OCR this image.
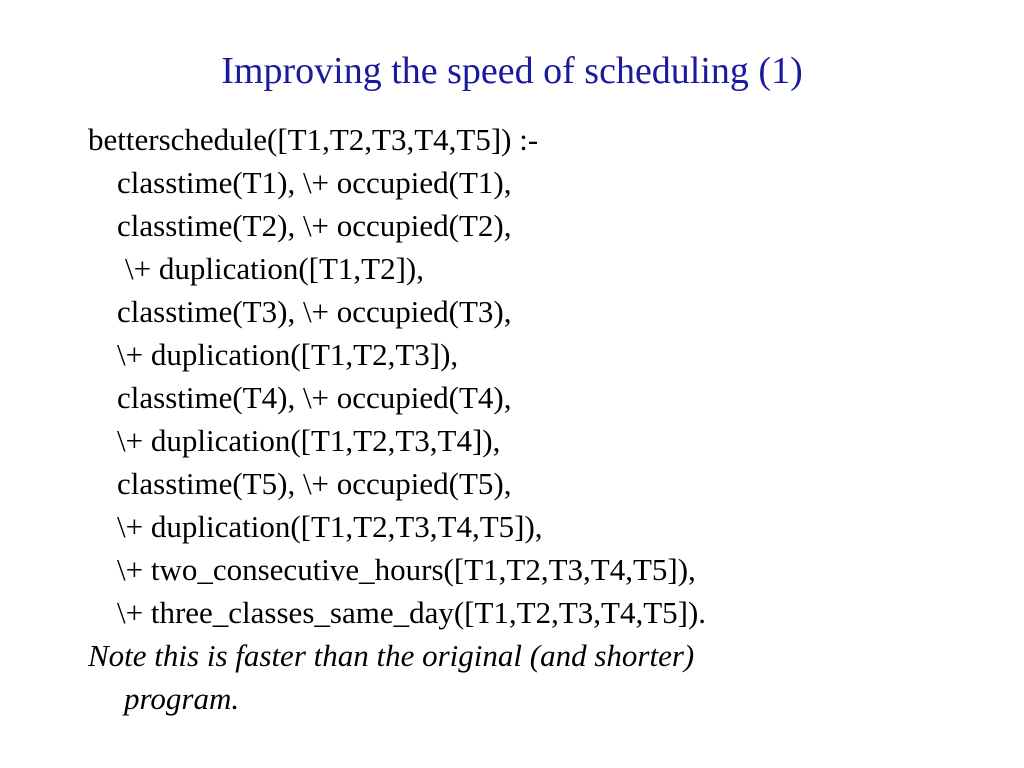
Improving the speed of scheduling (1)
betterschedule([T1,T2,T3,T4,T5]) :-
classtime(T1), \+ occupied(T1),
classtime(T2), \+ occupied(T2),
\+ duplication([T1,T2]),
classtime(T3), \+ occupied(T3),
\+ duplication([T1,T2,T3]),
classtime(T4), \+ occupied(T4),
\+ duplication([T1,T2,T3,T4]),
classtime(T5), \+ occupied(T5),
\+ duplication([T1,T2,T3,T4,T5]),
\+ two_consecutive_hours([T1,T2,T3,T4,T5]),
\+ three_classes_same_day([T1,T2,T3,T4,T5]).
Note this is faster than the original (and shorter)
program.
